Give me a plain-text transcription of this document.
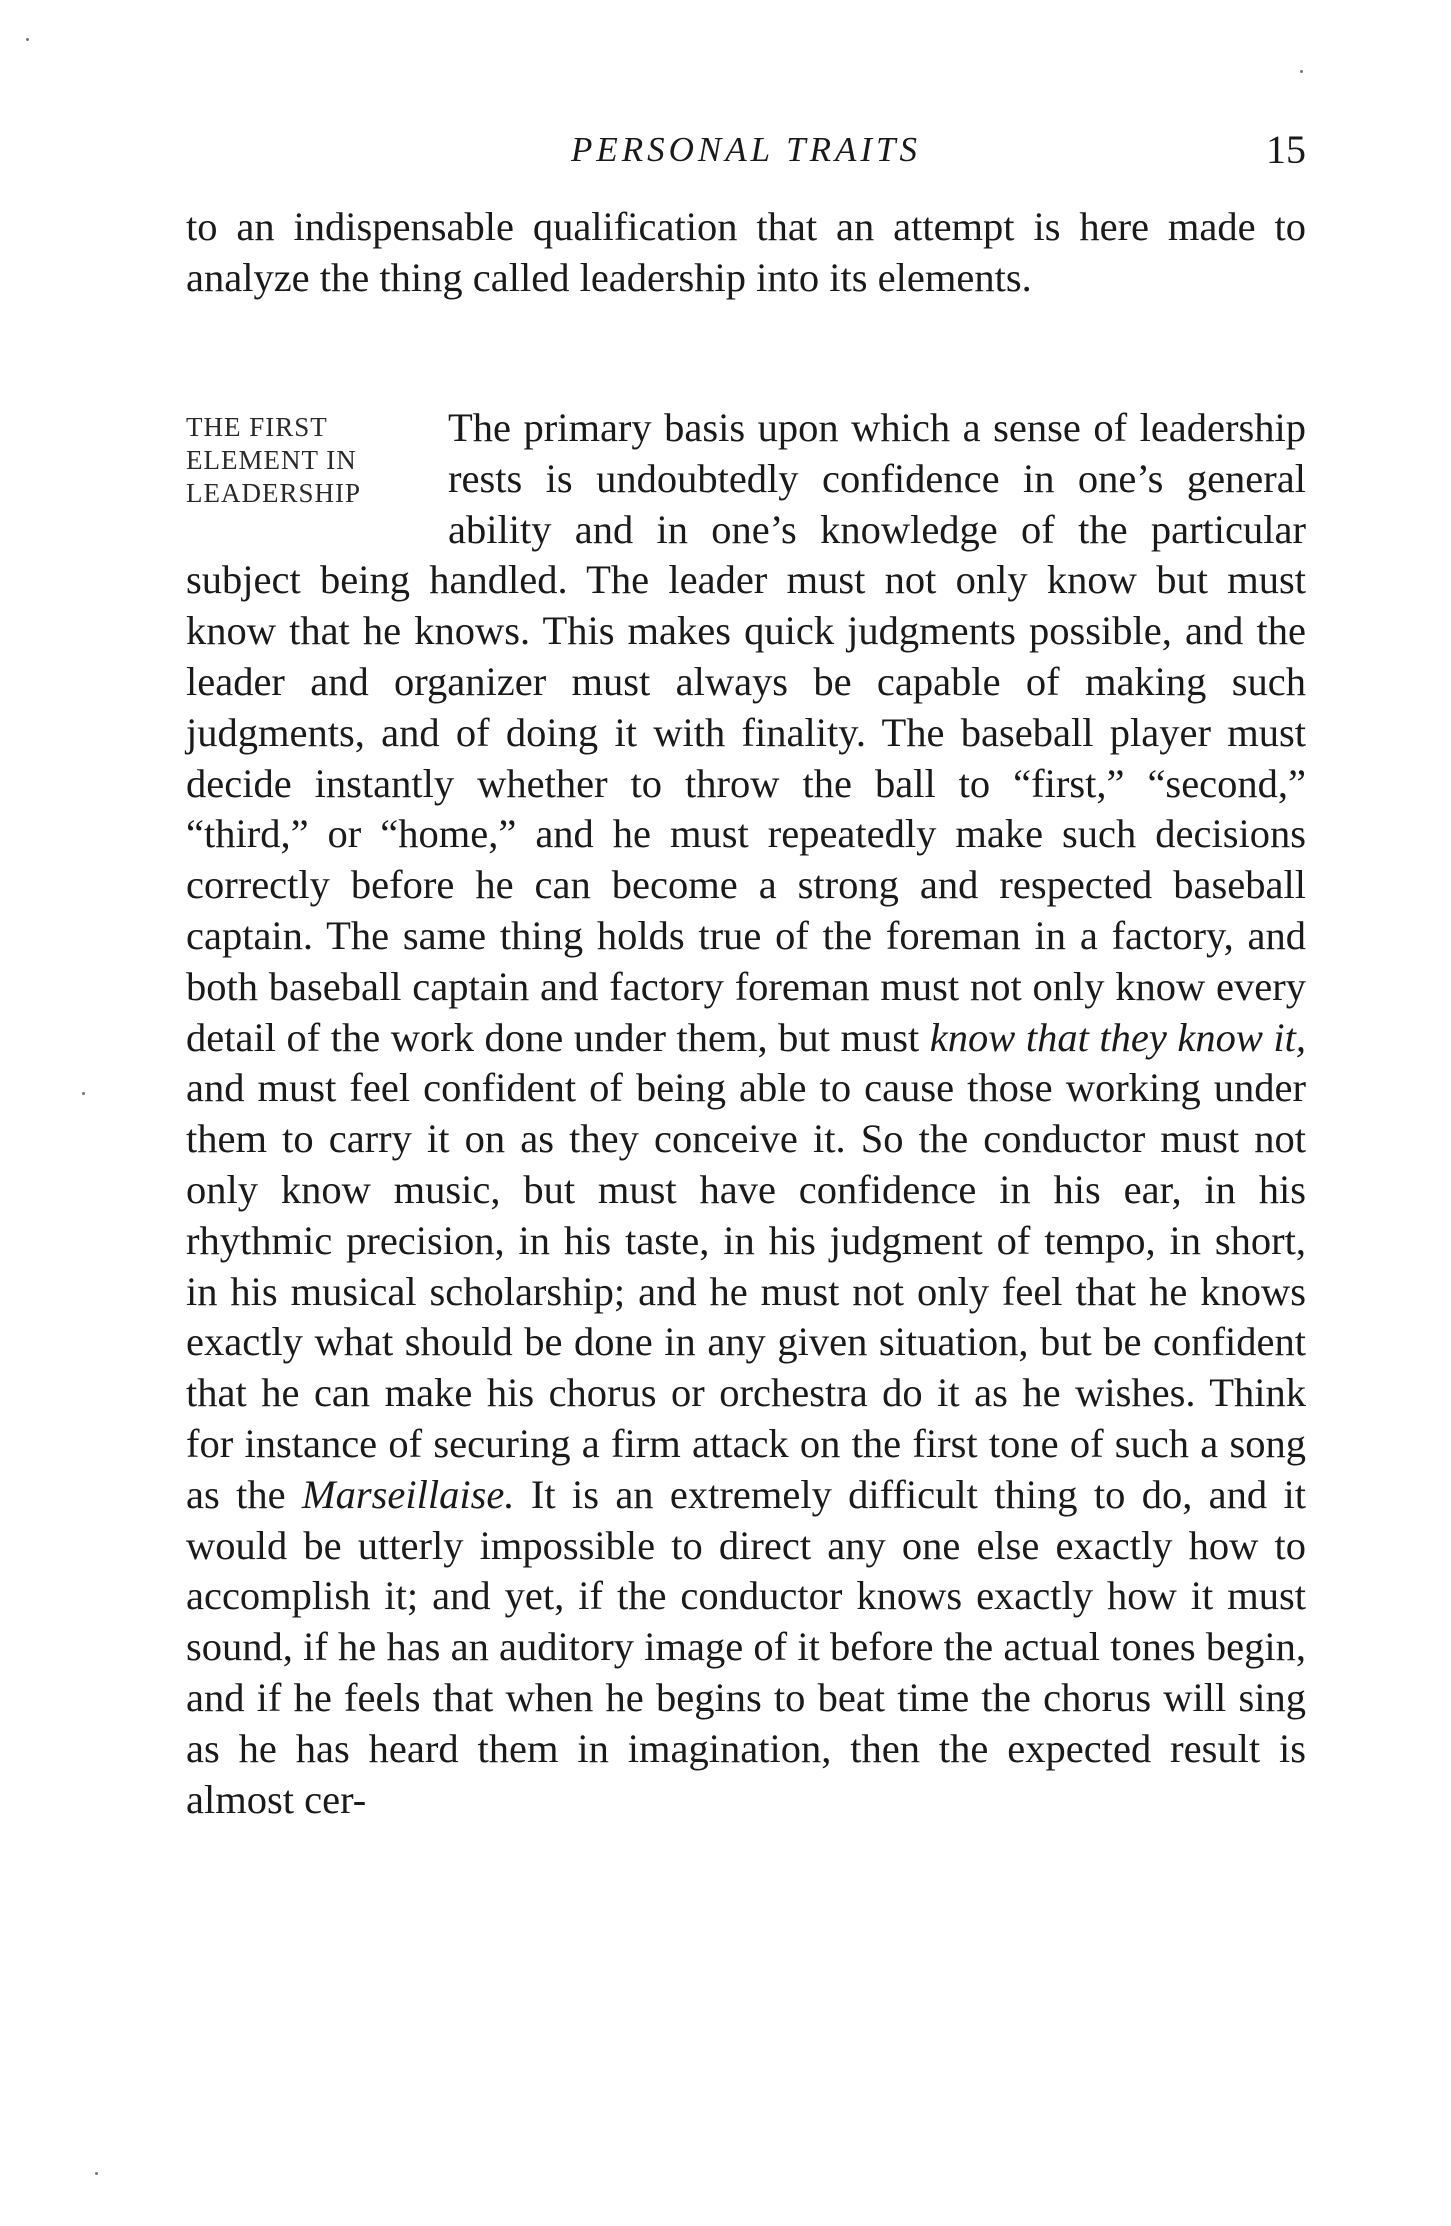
PERSONAL TRAITS	15

to an indispensable qualification that an attempt is here made to analyze the thing called leadership into its elements.

THE FIRST
ELEMENT IN
LEADERSHIP

The primary basis upon which a sense of leadership rests is undoubtedly confidence in one’s general ability and in one’s knowledge of the particular subject being handled. The leader must not only know but must know that he knows. This makes quick judgments possible, and the leader and organizer must always be capable of making such judgments, and of doing it with finality. The baseball player must decide instantly whether to throw the ball to “first,” “second,” “third,” or “home,” and he must repeatedly make such decisions correctly before he can become a strong and respected baseball captain. The same thing holds true of the foreman in a factory, and both baseball captain and factory foreman must not only know every detail of the work done under them, but must know that they know it, and must feel confident of being able to cause those working under them to carry it on as they conceive it. So the conductor must not only know music, but must have confidence in his ear, in his rhythmic precision, in his taste, in his judgment of tempo, in short, in his musical scholarship; and he must not only feel that he knows exactly what should be done in any given situation, but be confident that he can make his chorus or orchestra do it as he wishes. Think for instance of securing a firm attack on the first tone of such a song as the Marseillaise. It is an extremely difficult thing to do, and it would be utterly impossible to direct any one else exactly how to accomplish it; and yet, if the conductor knows exactly how it must sound, if he has an auditory image of it before the actual tones begin, and if he feels that when he begins to beat time the chorus will sing as he has heard them in imagination, then the expected result is almost cer-
